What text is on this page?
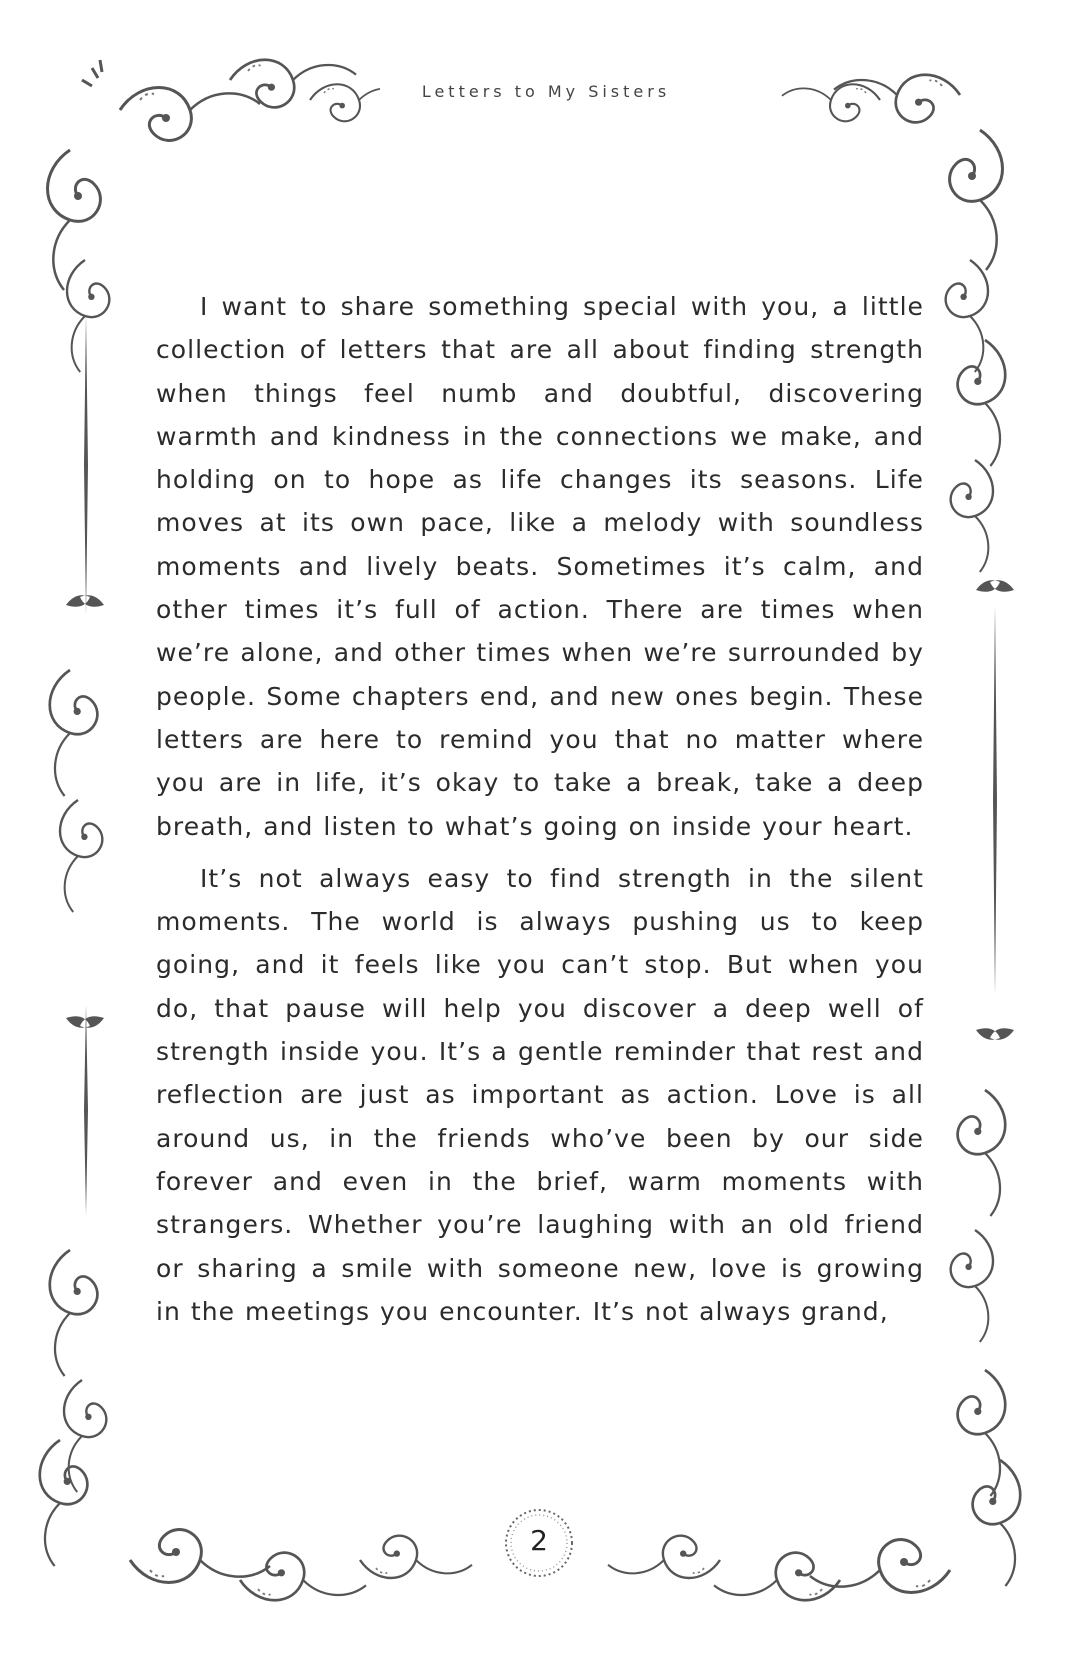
Letters to My Sisters

I want to share something special with you, a little collection of letters that are all about finding strength when things feel numb and doubtful, discovering warmth and kindness in the connections we make, and holding on to hope as life changes its seasons. Life moves at its own pace, like a melody with soundless moments and lively beats. Sometimes it’s calm, and other times it’s full of action. There are times when we’re alone, and other times when we’re surrounded by people. Some chapters end, and new ones begin. These letters are here to remind you that no matter where you are in life, it’s okay to take a break, take a deep breath, and listen to what’s going on inside your heart.

It’s not always easy to find strength in the silent moments. The world is always pushing us to keep going, and it feels like you can’t stop. But when you do, that pause will help you discover a deep well of strength inside you. It’s a gentle reminder that rest and reflection are just as important as action. Love is all around us, in the friends who’ve been by our side forever and even in the brief, warm moments with strangers. Whether you’re laughing with an old friend or sharing a smile with someone new, love is growing in the meetings you encounter. It’s not always grand,

2
